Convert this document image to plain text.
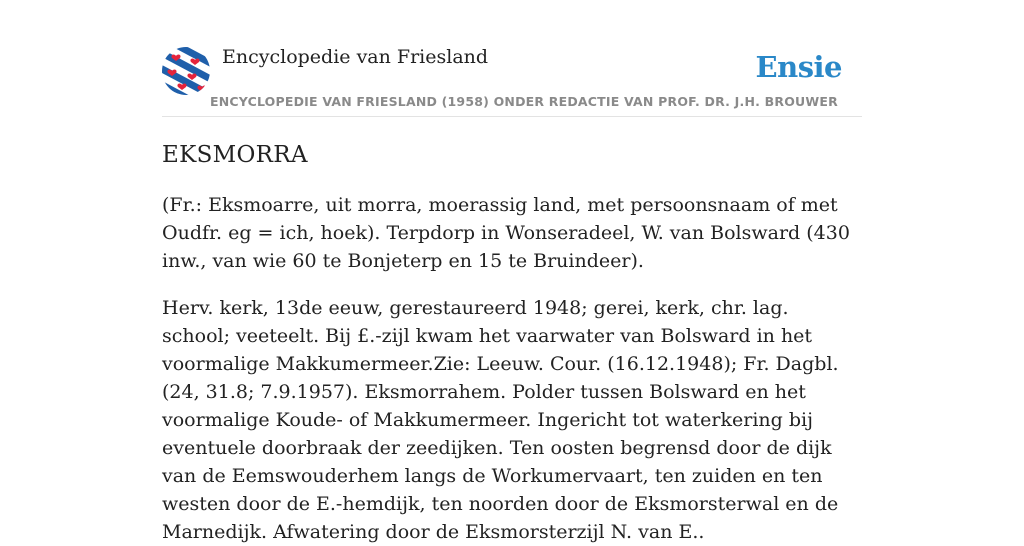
Encyclopedie van Friesland	Ensie
ENCYCLOPEDIE VAN FRIESLAND (1958) ONDER REDACTIE VAN PROF. DR. J.H. BROUWER
EKSMORRA

(Fr.: Eksmoarre, uit morra, moerassig land, met persoonsnaam of met Oudfr. eg = ich, hoek). Terpdorp in Wonseradeel, W. van Bolsward (430 inw., van wie 60 te Bonjeterp en 15 te Bruindeer).

Herv. kerk, 13de eeuw, gerestaureerd 1948; gerei, kerk, chr. lag. school; veeteelt. Bij £.-zijl kwam het vaarwater van Bolsward in het voormalige Makkumermeer.Zie: Leeuw. Cour. (16.12.1948); Fr. Dagbl. (24, 31.8; 7.9.1957). Eksmorrahem. Polder tussen Bolsward en het voormalige Koude- of Makkumermeer. Ingericht tot waterkering bij eventuele doorbraak der zeedijken. Ten oosten begrensd door de dijk van de Eemswouderhem langs de Workumervaart, ten zuiden en ten westen door de E.-hemdijk, ten noorden door de Eksmorsterwal en de Marnedijk. Afwatering door de Eksmorsterzijl N. van E..
